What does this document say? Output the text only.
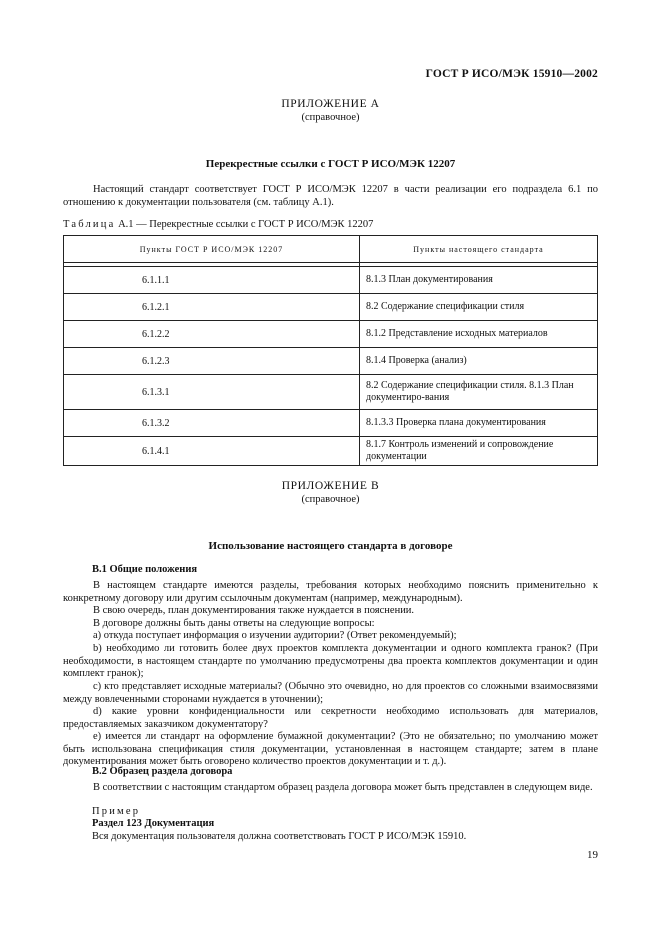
ГОСТ Р ИСО/МЭК 15910—2002
ПРИЛОЖЕНИЕ А
(справочное)
Перекрестные ссылки с ГОСТ Р ИСО/МЭК 12207
Настоящий стандарт соответствует ГОСТ Р ИСО/МЭК 12207 в части реализации его подраздела 6.1 по отношению к документации пользователя (см. таблицу А.1).
Таблица А.1 — Перекрестные ссылки с ГОСТ Р ИСО/МЭК 12207
Пункты ГОСТ Р ИСО/МЭК 12207	Пункты настоящего стандарта

6.1.1.1	8.1.3 План документирования
6.1.2.1	8.2 Содержание спецификации стиля
6.1.2.2	8.1.2 Представление исходных материалов
6.1.2.3	8.1.4 Проверка (анализ)
6.1.3.1	8.2 Содержание спецификации стиля. 8.1.3 План документиро-вания
6.1.3.2	8.1.3.3 Проверка плана документирования
6.1.4.1	8.1.7 Контроль изменений и сопровождение документации
ПРИЛОЖЕНИЕ В
(справочное)
Использование настоящего стандарта в договоре
В.1 Общие положения
В настоящем стандарте имеются разделы, требования которых необходимо пояснить применительно к конкретному договору или другим ссылочным документам (например, международным).
В свою очередь, план документирования также нуждается в пояснении.
В договоре должны быть даны ответы на следующие вопросы:
а) откуда поступает информация о изучении аудитории? (Ответ рекомендуемый);
b) необходимо ли готовить более двух проектов комплекта документации и одного комплекта гранок? (При необходимости, в настоящем стандарте по умолчанию предусмотрены два проекта комплектов документации и один комплект гранок);
с) кто представляет исходные материалы? (Обычно это очевидно, но для проектов со сложными взаимосвязями между вовлеченными сторонами нуждается в уточнении);
d) какие уровни конфиденциальности или секретности необходимо использовать для материалов, предоставляемых заказчиком документатору?
е) имеется ли стандарт на оформление бумажной документации? (Это не обязательно; по умолчанию может быть использована спецификация стиля документации, установленная в настоящем стандарте; затем в плане документирования может быть оговорено количество проектов документации и т. д.).
В.2 Образец раздела договора
В соответствии с настоящим стандартом образец раздела договора может быть представлен в следующем виде.
Пример
Раздел 123 Документация
Вся документация пользователя должна соответствовать ГОСТ Р ИСО/МЭК 15910.
19
